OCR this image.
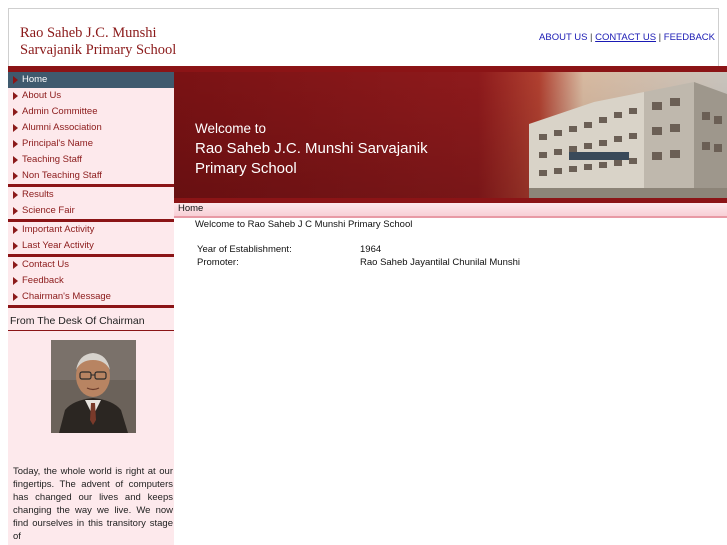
Rao Saheb J.C. Munshi
Sarvajanik Primary School
ABOUT US | CONTACT US | FEEDBACK
Home
About Us
Admin Committee
Alumni Association
Principal's Name
Teaching Staff
Non Teaching Staff
Results
Science Fair
Important Activity
Last Year Activity
Contact Us
Feedback
Chairman's Message
From The Desk Of Chairman
Today, the whole world is right at our fingertips. The advent of computers has changed our lives and keeps changing the way we live. We now find ourselves in this transitory stage of
Welcome to
Rao Saheb J.C. Munshi Sarvajanik
Primary School
Home
Welcome to Rao Saheb J C Munshi Primary School
Year of Establishment:	1964
Promoter:	Rao Saheb Jayantilal Chunilal Munshi
